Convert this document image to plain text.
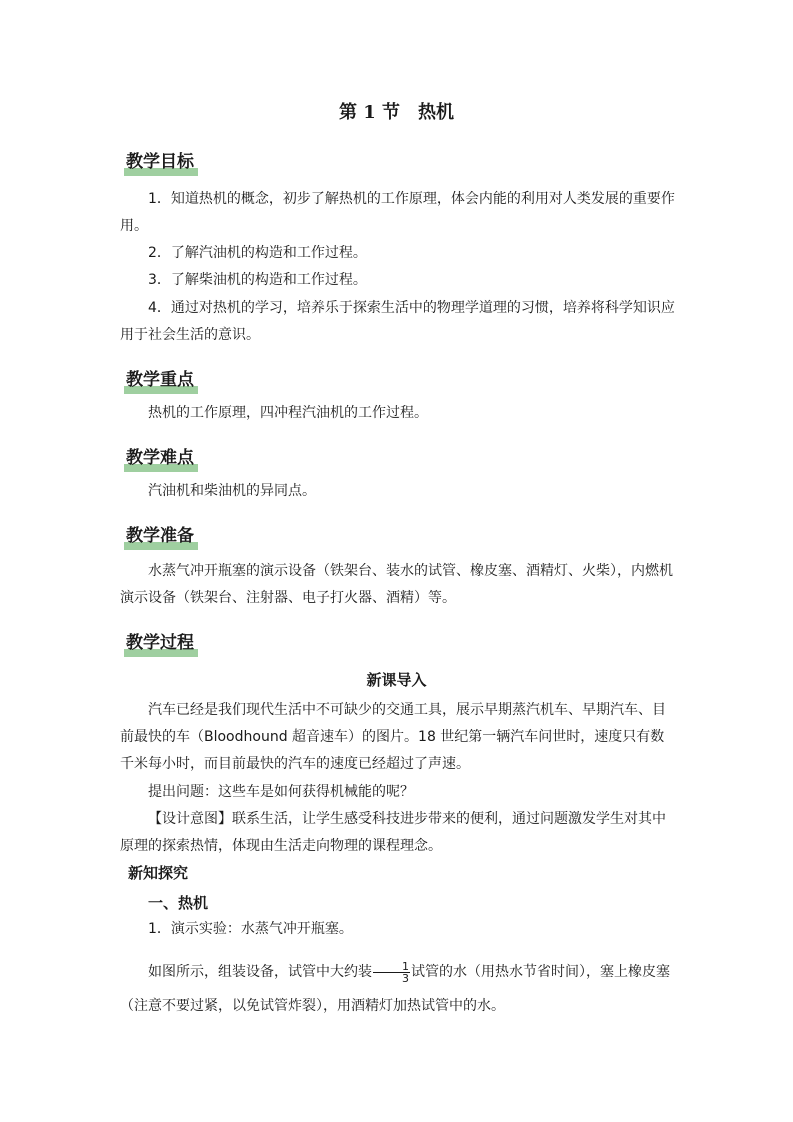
第 1 节 热机
教学目标
1．知道热机的概念，初步了解热机的工作原理，体会内能的利用对人类发展的重要作用。
2．了解汽油机的构造和工作过程。
3．了解柴油机的构造和工作过程。
4．通过对热机的学习，培养乐于探索生活中的物理学道理的习惯，培养将科学知识应用于社会生活的意识。
教学重点
热机的工作原理，四冲程汽油机的工作过程。
教学难点
汽油机和柴油机的异同点。
教学准备
水蒸气冲开瓶塞的演示设备（铁架台、装水的试管、橡皮塞、酒精灯、火柴），内燃机演示设备（铁架台、注射器、电子打火器、酒精）等。
教学过程
新课导入
汽车已经是我们现代生活中不可缺少的交通工具，展示早期蒸汽机车、早期汽车、目前最快的车（Bloodhound 超音速车）的图片。18 世纪第一辆汽车问世时，速度只有数千米每小时，而目前最快的汽车的速度已经超过了声速。
提出问题：这些车是如何获得机械能的呢？
【设计意图】联系生活，让学生感受科技进步带来的便利，通过问题激发学生对其中原理的探索热情，体现由生活走向物理的课程理念。
新知探究
一、热机
1．演示实验：水蒸气冲开瓶塞。
如图所示，组装设备，试管中大约装 $\frac{1}{3}$ 试管的水（用热水节省时间），塞上橡皮塞（注意不要过紧，以免试管炸裂），用酒精灯加热试管中的水。
